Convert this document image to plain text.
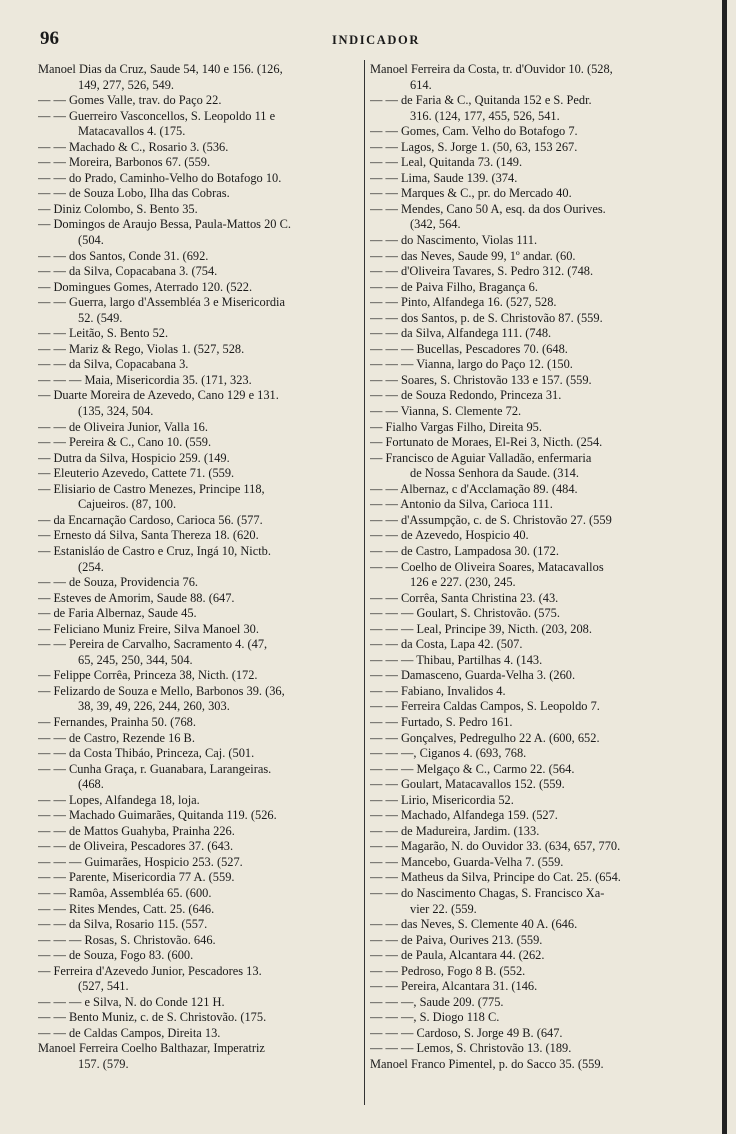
96	INDICADOR
Manoel Dias da Cruz, Saude 54, 140 e 156. (126,
149, 277, 526, 549.
— — Gomes Valle, trav. do Paço 22.
— — Guerreiro Vasconcellos, S. Leopoldo 11 e
Matacavallos 4. (175.
— — Machado & C., Rosario 3. (536.
— — Moreira, Barbonos 67. (559.
— — do Prado, Caminho-Velho do Botafogo 10.
— — de Souza Lobo, Ilha das Cobras.
— Diniz Colombo, S. Bento 35.
— Domingos de Araujo Bessa, Paula-Mattos 20 C.
(504.
— — dos Santos, Conde 31. (692.
— — da Silva, Copacabana 3. (754.
— Domingues Gomes, Aterrado 120. (522.
— — Guerra, largo d'Assembléa 3 e Misericordia
52. (549.
— — Leitão, S. Bento 52.
— — Mariz & Rego, Violas 1. (527, 528.
— — da Silva, Copacabana 3.
— — — Maia, Misericordia 35. (171, 323.
— Duarte Moreira de Azevedo, Cano 129 e 131.
(135, 324, 504.
— — de Oliveira Junior, Valla 16.
— — Pereira & C., Cano 10. (559.
— Dutra da Silva, Hospicio 259. (149.
— Eleuterio Azevedo, Cattete 71. (559.
— Elisiario de Castro Menezes, Principe 118,
Cajueiros. (87, 100.
— da Encarnação Cardoso, Carioca 56. (577.
— Ernesto dá Silva, Santa Thereza 18. (620.
— Estanisláo de Castro e Cruz, Ingá 10, Nictb.
(254.
— — de Souza, Providencia 76.
— Esteves de Amorim, Saude 88. (647.
— de Faria Albernaz, Saude 45.
— Feliciano Muniz Freire, Silva Manoel 30.
— — Pereira de Carvalho, Sacramento 4. (47,
65, 245, 250, 344, 504.
— Felippe Corrêa, Princeza 38, Nicth. (172.
— Felizardo de Souza e Mello, Barbonos 39. (36,
38, 39, 49, 226, 244, 260, 303.
— Fernandes, Prainha 50. (768.
— — de Castro, Rezende 16 B.
— — da Costa Thibáo, Princeza, Caj. (501.
— — Cunha Graça, r. Guanabara, Larangeiras.
(468.
— — Lopes, Alfandega 18, loja.
— — Machado Guimarães, Quitanda 119. (526.
— — de Mattos Guahyba, Prainha 226.
— — de Oliveira, Pescadores 37. (643.
— — — Guimarães, Hospicio 253. (527.
— — Parente, Misericordia 77 A. (559.
— — Ramôa, Assembléa 65. (600.
— — Rites Mendes, Catt. 25. (646.
— — da Silva, Rosario 115. (557.
— — — Rosas, S. Christovão. 646.
— — de Souza, Fogo 83. (600.
— Ferreira d'Azevedo Junior, Pescadores 13.
(527, 541.
— — — e Silva, N. do Conde 121 H.
— — Bento Muniz, c. de S. Christovão. (175.
— — de Caldas Campos, Direita 13.
Manoel Ferreira Coelho Balthazar, Imperatriz
157. (579.
Manoel Ferreira da Costa, tr. d'Ouvidor 10. (528,
614.
— — de Faria & C., Quitanda 152 e S. Pedr.
316. (124, 177, 455, 526, 541.
— — Gomes, Cam. Velho do Botafogo 7.
— — Lagos, S. Jorge 1. (50, 63, 153 267.
— — Leal, Quitanda 73. (149.
— — Lima, Saude 139. (374.
— — Marques & C., pr. do Mercado 40.
— — Mendes, Cano 50 A, esq. da dos Ourives.
(342, 564.
— — do Nascimento, Violas 111.
— — das Neves, Saude 99, 1º andar. (60.
— — d'Oliveira Tavares, S. Pedro 312. (748.
— — de Paiva Filho, Bragança 6.
— — Pinto, Alfandega 16. (527, 528.
— — dos Santos, p. de S. Christovão 87. (559.
— — da Silva, Alfandega 111. (748.
— — — Bucellas, Pescadores 70. (648.
— — — Vianna, largo do Paço 12. (150.
— — Soares, S. Christovão 133 e 157. (559.
— — de Souza Redondo, Princeza 31.
— — Vianna, S. Clemente 72.
— Fialho Vargas Filho, Direita 95.
— Fortunato de Moraes, El-Rei 3, Nicth. (254.
— Francisco de Aguiar Valladão, enfermaria
de Nossa Senhora da Saude. (314.
— — Albernaz, c d'Acclamação 89. (484.
— — Antonio da Silva, Carioca 111.
— — d'Assumpção, c. de S. Christovão 27. (559
— — de Azevedo, Hospicio 40.
— — de Castro, Lampadosa 30. (172.
— — Coelho de Oliveira Soares, Matacavallos
126 e 227. (230, 245.
— — Corrêa, Santa Christina 23. (43.
— — — Goulart, S. Christovão. (575.
— — — Leal, Principe 39, Nicth. (203, 208.
— — da Costa, Lapa 42. (507.
— — — Thibau, Partilhas 4. (143.
— — Damasceno, Guarda-Velha 3. (260.
— — Fabiano, Invalidos 4.
— — Ferreira Caldas Campos, S. Leopoldo 7.
— — Furtado, S. Pedro 161.
— — Gonçalves, Pedregulho 22 A. (600, 652.
— — —, Ciganos 4. (693, 768.
— — — Melgaço & C., Carmo 22. (564.
— — Goulart, Matacavallos 152. (559.
— — Lirio, Misericordia 52.
— — Machado, Alfandega 159. (527.
— — de Madureira, Jardim. (133.
— — Magarão, N. do Ouvidor 33. (634, 657, 770.
— — Mancebo, Guarda-Velha 7. (559.
— — Matheus da Silva, Principe do Cat. 25. (654.
— — do Nascimento Chagas, S. Francisco Xa-
vier 22. (559.
— — das Neves, S. Clemente 40 A. (646.
— — de Paiva, Ourives 213. (559.
— — de Paula, Alcantara 44. (262.
— — Pedroso, Fogo 8 B. (552.
— — Pereira, Alcantara 31. (146.
— — —, Saude 209. (775.
— — —, S. Diogo 118 C.
— — — Cardoso, S. Jorge 49 B. (647.
— — — Lemos, S. Christovão 13. (189.
Manoel Franco Pimentel, p. do Sacco 35. (559.
